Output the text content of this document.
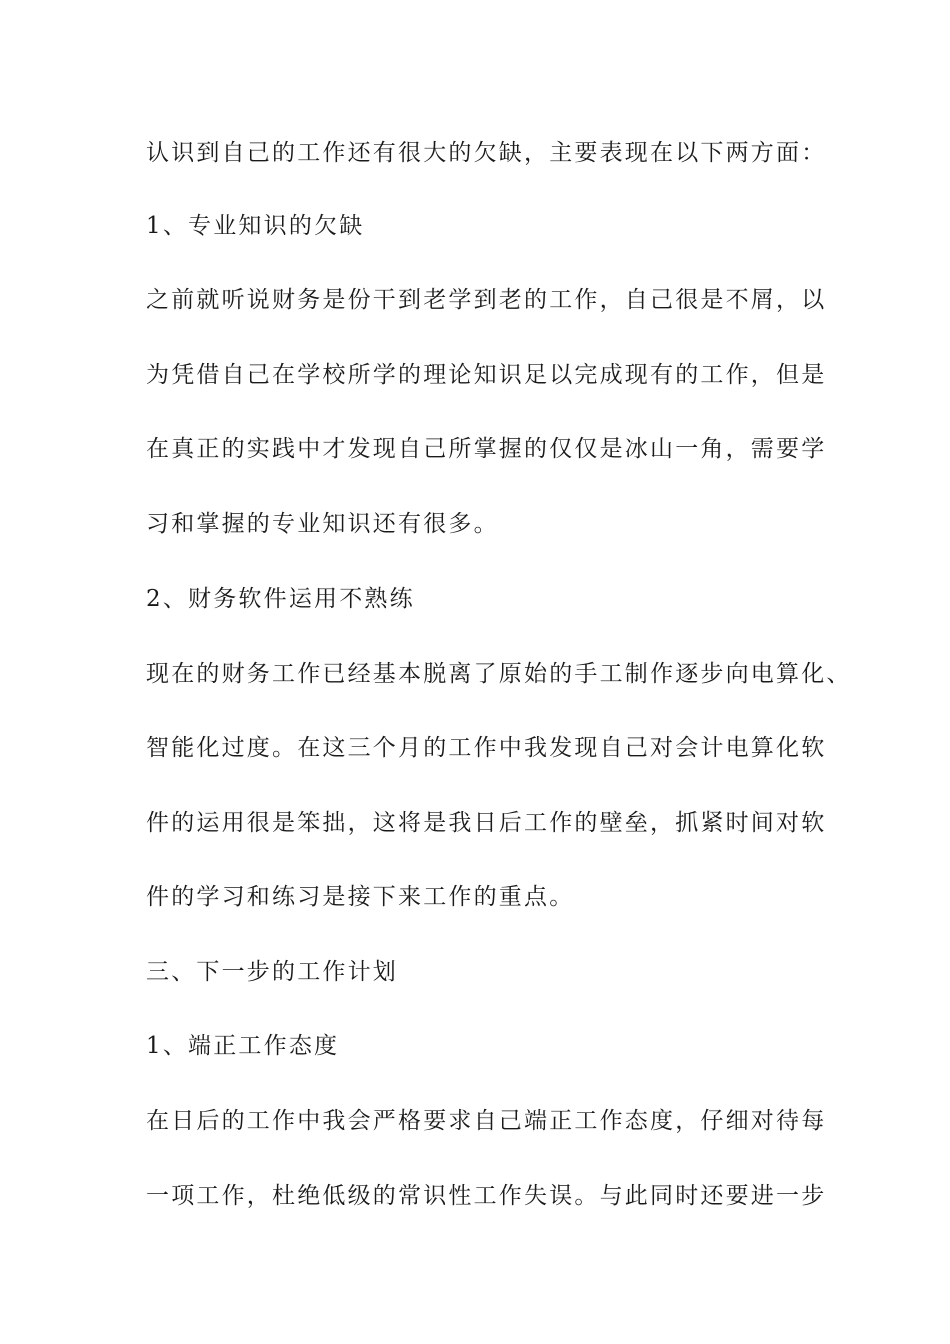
认识到自己的工作还有很大的欠缺，主要表现在以下两方面：
1、专业知识的欠缺
之前就听说财务是份干到老学到老的工作，自己很是不屑，以
为凭借自己在学校所学的理论知识足以完成现有的工作，但是
在真正的实践中才发现自己所掌握的仅仅是冰山一角，需要学
习和掌握的专业知识还有很多。
2、财务软件运用不熟练
现在的财务工作已经基本脱离了原始的手工制作逐步向电算化、
智能化过度。在这三个月的工作中我发现自己对会计电算化软
件的运用很是笨拙，这将是我日后工作的壁垒，抓紧时间对软
件的学习和练习是接下来工作的重点。
三、下一步的工作计划
1、端正工作态度
在日后的工作中我会严格要求自己端正工作态度，仔细对待每
一项工作，杜绝低级的常识性工作失误。与此同时还要进一步
